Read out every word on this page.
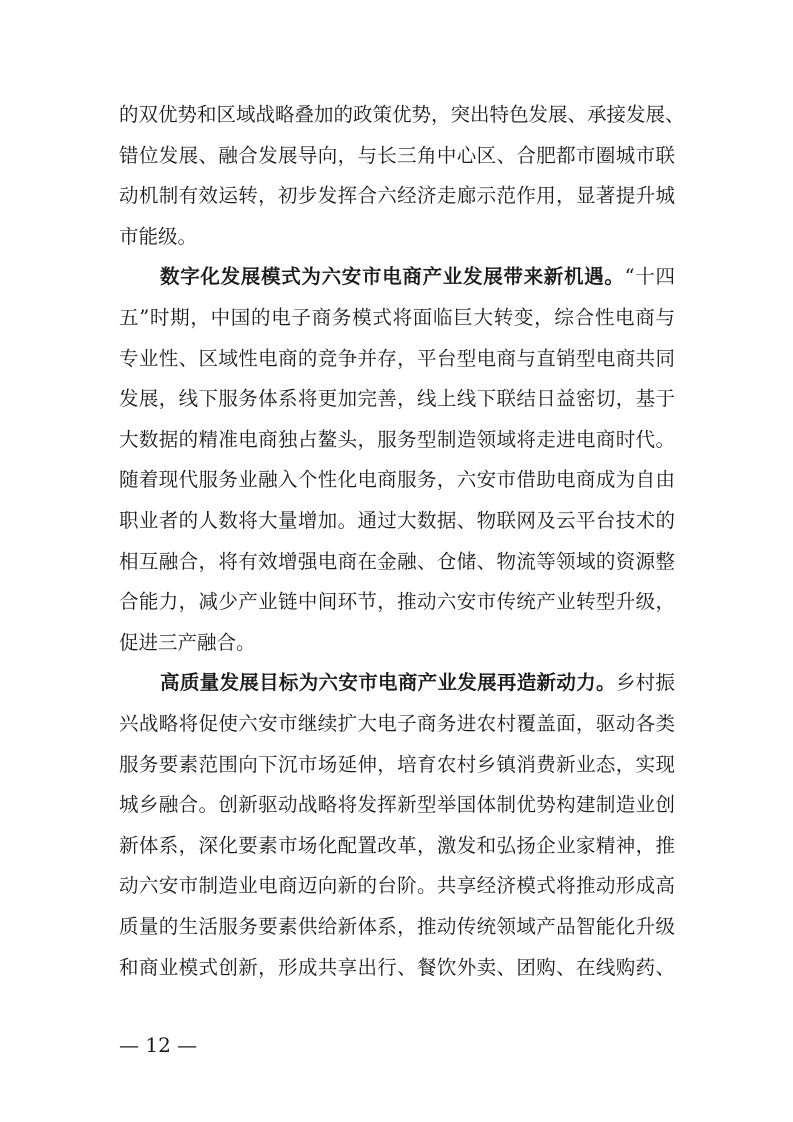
的双优势和区域战略叠加的政策优势，突出特色发展、承接发展、
错位发展、融合发展导向，与长三角中心区、合肥都市圈城市联
动机制有效运转，初步发挥合六经济走廊示范作用，显著提升城
市能级。
数字化发展模式为六安市电商产业发展带来新机遇。“十四
五”时期，中国的电子商务模式将面临巨大转变，综合性电商与
专业性、区域性电商的竞争并存，平台型电商与直销型电商共同
发展，线下服务体系将更加完善，线上线下联结日益密切，基于
大数据的精准电商独占鳌头，服务型制造领域将走进电商时代。
随着现代服务业融入个性化电商服务，六安市借助电商成为自由
职业者的人数将大量增加。通过大数据、物联网及云平台技术的
相互融合，将有效增强电商在金融、仓储、物流等领域的资源整
合能力，减少产业链中间环节，推动六安市传统产业转型升级，
促进三产融合。
高质量发展目标为六安市电商产业发展再造新动力。乡村振
兴战略将促使六安市继续扩大电子商务进农村覆盖面，驱动各类
服务要素范围向下沉市场延伸，培育农村乡镇消费新业态，实现
城乡融合。创新驱动战略将发挥新型举国体制优势构建制造业创
新体系，深化要素市场化配置改革，激发和弘扬企业家精神，推
动六安市制造业电商迈向新的台阶。共享经济模式将推动形成高
质量的生活服务要素供给新体系，推动传统领域产品智能化升级
和商业模式创新，形成共享出行、餐饮外卖、团购、在线购药、
— 12 —
